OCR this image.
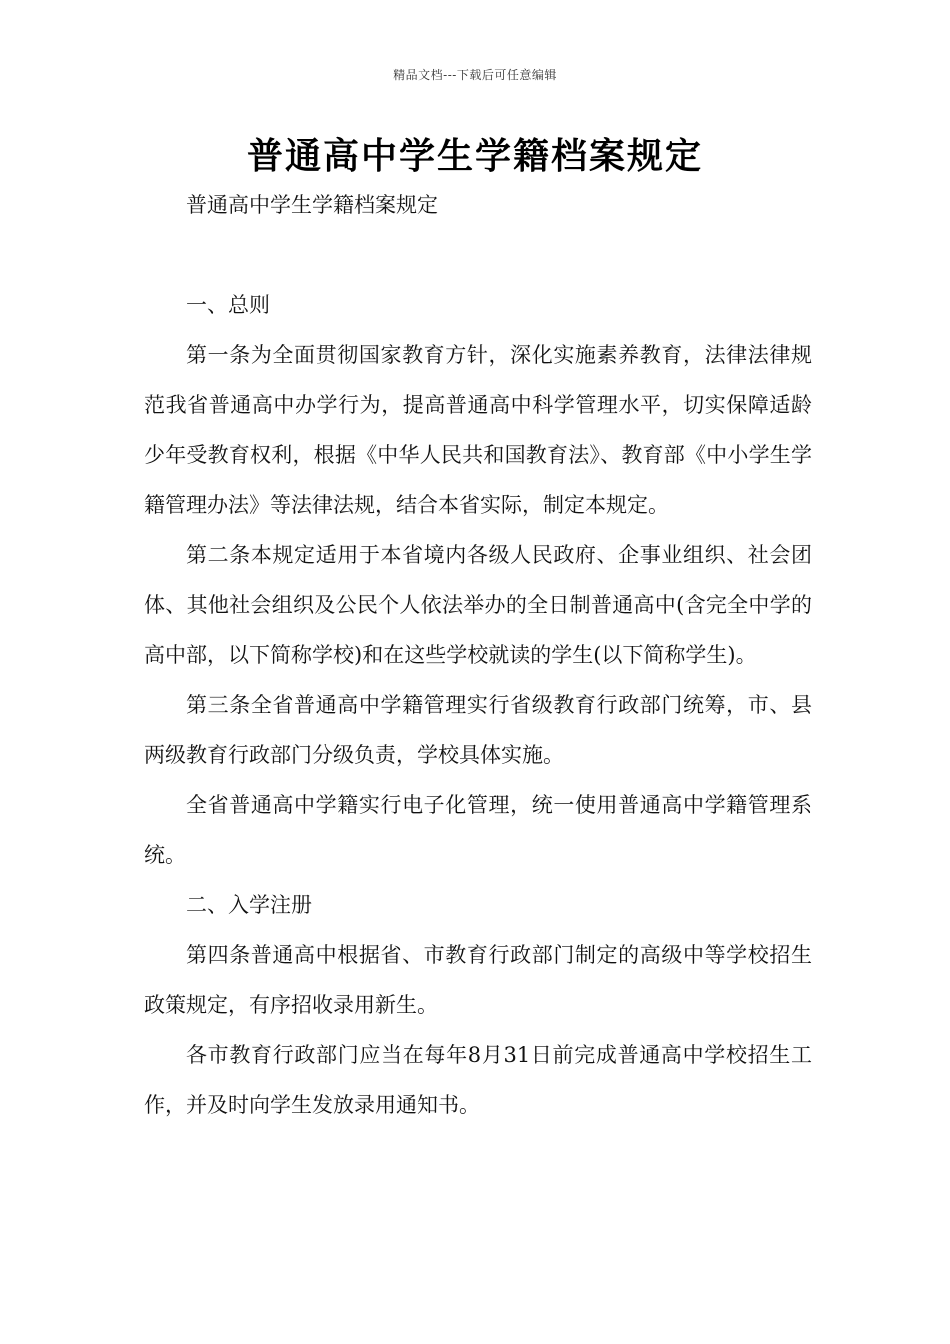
精品文档---下载后可任意编辑
普通高中学生学籍档案规定

普通高中学生学籍档案规定

一、总则

第一条为全面贯彻国家教育方针，深化实施素养教育，法律法律规范我省普通高中办学行为，提高普通高中科学管理水平，切实保障适龄少年受教育权利，根据《中华人民共和国教育法》、教育部《中小学生学籍管理办法》等法律法规，结合本省实际，制定本规定。

第二条本规定适用于本省境内各级人民政府、企事业组织、社会团体、其他社会组织及公民个人依法举办的全日制普通高中(含完全中学的高中部，以下简称学校)和在这些学校就读的学生(以下简称学生)。

第三条全省普通高中学籍管理实行省级教育行政部门统筹，市、县两级教育行政部门分级负责，学校具体实施。

全省普通高中学籍实行电子化管理，统一使用普通高中学籍管理系统。

二、入学注册

第四条普通高中根据省、市教育行政部门制定的高级中等学校招生政策规定，有序招收录用新生。

各市教育行政部门应当在每年8月31日前完成普通高中学校招生工作，并及时向学生发放录用通知书。
